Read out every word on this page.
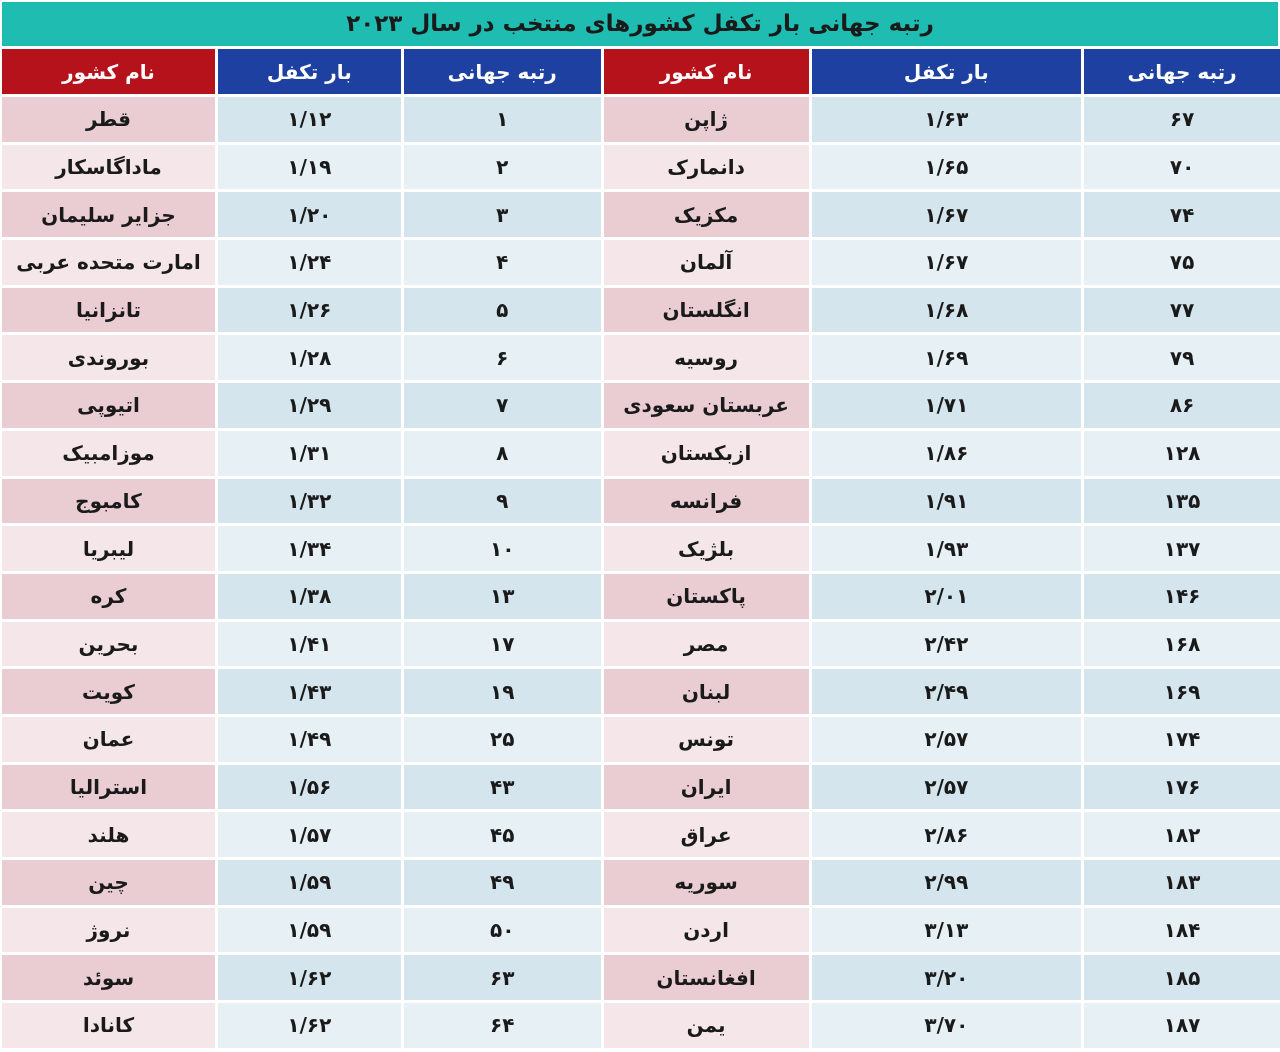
رتبه جهانی بار تکفل کشورهای منتخب در سال ۲۰۲۳
رتبه جهانی	بار تکفل	نام کشور	رتبه جهانی	بار تکفل	نام کشور
۶۷	۱/۶۳	ژاپن	۱	۱/۱۲	قطر
۷۰	۱/۶۵	دانمارک	۲	۱/۱۹	ماداگاسکار
۷۴	۱/۶۷	مکزیک	۳	۱/۲۰	جزایر سلیمان
۷۵	۱/۶۷	آلمان	۴	۱/۲۴	امارت متحده عربی
۷۷	۱/۶۸	انگلستان	۵	۱/۲۶	تانزانیا
۷۹	۱/۶۹	روسیه	۶	۱/۲۸	بوروندی
۸۶	۱/۷۱	عربستان سعودی	۷	۱/۲۹	اتیوپی
۱۲۸	۱/۸۶	ازبکستان	۸	۱/۳۱	موزامبیک
۱۳۵	۱/۹۱	فرانسه	۹	۱/۳۲	کامبوج
۱۳۷	۱/۹۳	بلژیک	۱۰	۱/۳۴	لیبریا
۱۴۶	۲/۰۱	پاکستان	۱۳	۱/۳۸	کره
۱۶۸	۲/۴۲	مصر	۱۷	۱/۴۱	بحرین
۱۶۹	۲/۴۹	لبنان	۱۹	۱/۴۳	کویت
۱۷۴	۲/۵۷	تونس	۲۵	۱/۴۹	عمان
۱۷۶	۲/۵۷	ایران	۴۳	۱/۵۶	استرالیا
۱۸۲	۲/۸۶	عراق	۴۵	۱/۵۷	هلند
۱۸۳	۲/۹۹	سوریه	۴۹	۱/۵۹	چین
۱۸۴	۳/۱۳	اردن	۵۰	۱/۵۹	نروژ
۱۸۵	۳/۲۰	افغانستان	۶۳	۱/۶۲	سوئد
۱۸۷	۳/۷۰	یمن	۶۴	۱/۶۲	کانادا
